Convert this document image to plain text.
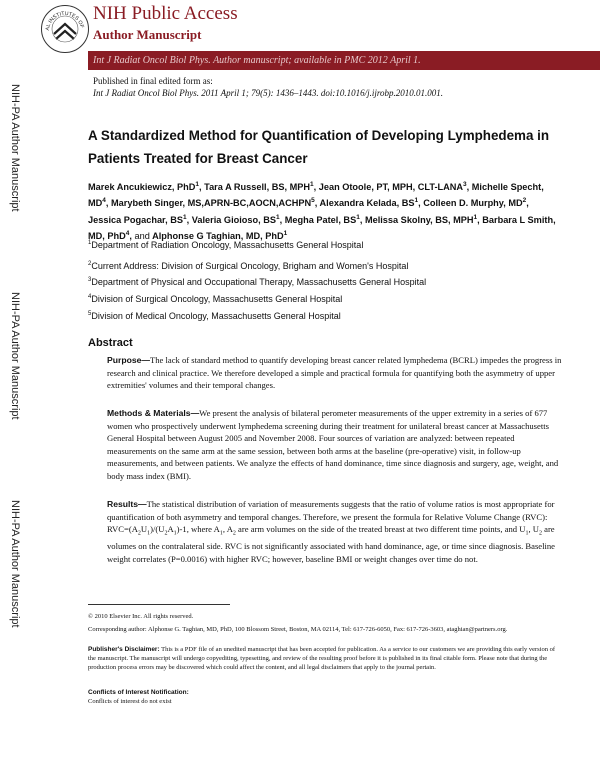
NIH-PA Author Manuscript
NIH-PA Author Manuscript
NIH-PA Author Manuscript
AL INSTITUTES OF
NIH Public Access
Author Manuscript
Int J Radiat Oncol Biol Phys. Author manuscript; available in PMC 2012 April 1.
Published in final edited form as:
Int J Radiat Oncol Biol Phys. 2011 April 1; 79(5): 1436–1443. doi:10.1016/j.ijrobp.2010.01.001.
A Standardized Method for Quantification of Developing Lymphedema in Patients Treated for Breast Cancer
Marek Ancukiewicz, PhD$^1$, Tara A Russell, BS, MPH$^1$, Jean Otoole, PT, MPH, CLT-LANA$^3$, Michelle Specht, $MD^4$, Marybeth Singer, MS,APRN-BC,AOCN,ACHPN$^5$, Alexandra Kelada, $BS^1$, Colleen D. Murphy, $MD^2$, Jessica Pogachar, $BS^1$, Valeria Gioioso, $BS^1$, Megha Patel, $BS^1$, Melissa Skolny, BS, MPH$^1$, Barbara L Smith, MD, PhD$^4$, and Alphonse G Taghian, MD, PhD$^1$
$^1$Department of Radiation Oncology, Massachusetts General Hospital
$^2$Current Address: Division of Surgical Oncology, Brigham and Women's Hospital
$^3$Department of Physical and Occupational Therapy, Massachusetts General Hospital
$^4$Division of Surgical Oncology, Massachusetts General Hospital
$^5$Division of Medical Oncology, Massachusetts General Hospital
Abstract
Purpose—The lack of standard method to quantify developing breast cancer related lymphedema (BCRL) impedes the progress in research and clinical practice. We therefore developed a simple and practical formula for quantifying both the asymmetry of upper extremities' volumes and their temporal changes.
Methods & Materials—We present the analysis of bilateral perometer measurements of the upper extremity in a series of 677 women who prospectively underwent lymphedema screening during their treatment for unilateral breast cancer at Massachusetts General Hospital between August 2005 and November 2008. Four sources of variation are analyzed: between repeated measurements on the same arm at the same session, between both arms at the baseline (pre-operative) visit, in follow-up measurements, and between patients. We analyze the effects of hand dominance, time since diagnosis and surgery, age, weight, and body mass index (BMI).
Results—The statistical distribution of variation of measurements suggests that the ratio of volume ratios is most appropriate for quantification of both asymmetry and temporal changes. Therefore, we present the formula for Relative Volume Change (RVC): $RVC=(A_2U_1)/(U_2A_1)-1$, where $A_1$, $A_2$ are arm volumes on the side of the treated breast at two different time points, and $U_1$, $U_2$ are volumes on the contralateral side. RVC is not significantly associated with hand dominance, age, or time since diagnosis. Baseline weight correlates (P=0.0016) with higher RVC; however, baseline BMI or weight changes over time do not.
© 2010 Elsevier Inc. All rights reserved.
Corresponding author: Alphonse G. Taghian, MD, PhD, 100 Blossom Street, Boston, MA 02114, Tel: 617-726-6050, Fax: 617-726-3603, ataghian@partners.org.
Publisher's Disclaimer: This is a PDF file of an unedited manuscript that has been accepted for publication. As a service to our customers we are providing this early version of the manuscript. The manuscript will undergo copyediting, typesetting, and review of the resulting proof before it is published in its final citable form. Please note that during the production process errors may be discovered which could affect the content, and all legal disclaimers that apply to the journal pertain.
Conflicts of Interest Notification:
Conflicts of interest do not exist
